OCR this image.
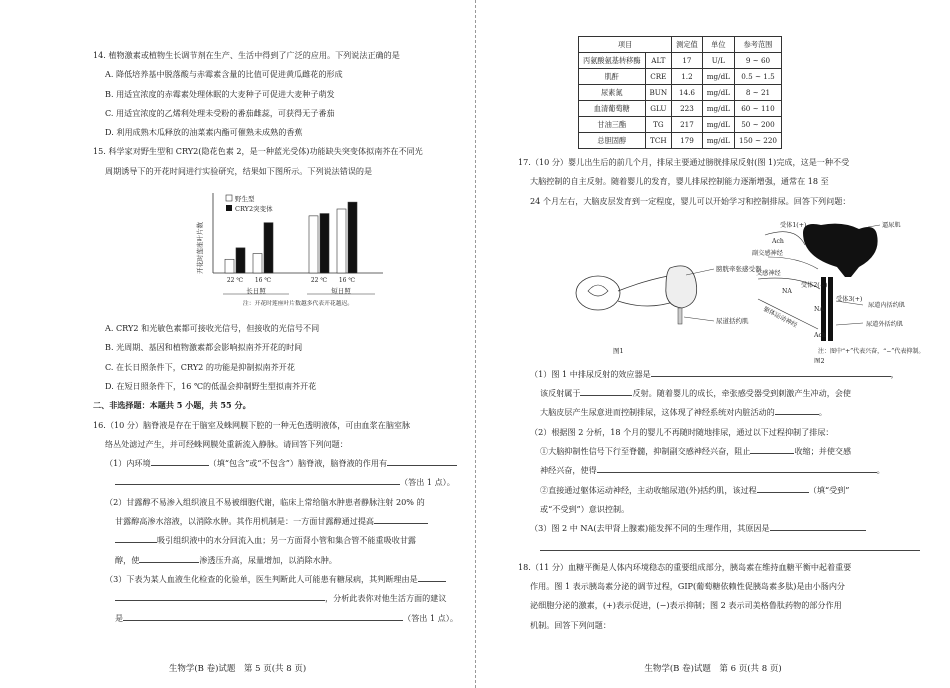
14. 植物激素或植物生长调节剂在生产、生活中得到了广泛的应用。下列说法正确的是

A. 降低培养基中脱落酸与赤霉素含量的比值可促进黄瓜雌花的形成

B. 用适宜浓度的赤霉素处理休眠的大麦种子可促进大麦种子萌发

C. 用适宜浓度的乙烯利处理未受粉的番茄雌蕊，可获得无子番茄

D. 利用成熟木瓜释放的油菜素内酯可催熟未成熟的香蕉

15. 科学家对野生型和 CRY2(隐花色素 2，是一种蓝光受体)功能缺失突变体拟南芥在不同光

周期诱导下的开花时间进行实验研究，结果如下图所示。下列说法错误的是

开花时莲座叶片数
22 ℃ 16 ℃	22 ℃ 16 ℃
野生型
CRY2突变体
长日照	短日照
注：开花时莲座叶片数越多代表开花越迟。

A. CRY2 和光敏色素都可接收光信号，但接收的光信号不同

B. 光周期、基因和植物激素都会影响拟南芥开花的时间

C. 在长日照条件下，CRY2 的功能是抑制拟南芥开花

D. 在短日照条件下，16 ℃的低温会抑制野生型拟南芥开花

二、非选择题：本题共 5 小题，共 55 分。

16.（10 分）脑脊液是存在于脑室及蛛网膜下腔的一种无色透明液体，可由血浆在脑室脉

络丛处滤过产生，并可经蛛网膜处重新流入静脉。请回答下列问题：

（1）内环境	（填“包含”或“不包含”）脑脊液，脑脊液的作用有

（答出 1 点）。

（2）甘露醇不易渗入组织液且不易被细胞代谢，临床上常给脑水肿患者静脉注射 20% 的

甘露醇高渗水溶液，以消除水肿。其作用机制是：一方面甘露醇通过提高

吸引组织液中的水分回流入血；另一方面肾小管和集合管不能重吸收甘露

醇，使	渗透压升高，尿量增加，以消除水肿。

（3）下表为某人血液生化检查的化验单，医生判断此人可能患有糖尿病，其判断理由是

，分析此表你对他生活方面的建议

是	（答出 1 点）。

生物学(B 卷)试题　第 5 页(共 8 页)
项目		测定值	单位	参考范围
丙氨酸氨基转移酶	ALT	17	U/L	9 ~ 60
肌酐	CRE	1.2	mg/dL	0.5 ~ 1.5
尿素氮	BUN	14.6	mg/dL	8 ~ 21
血清葡萄糖	GLU	223	mg/dL	60 ~ 110
甘油三酯	TG	217	mg/dL	50 ~ 200
总胆固醇	TCH	179	mg/dL	150 ~ 220

17.（10 分）婴儿出生后的前几个月，排尿主要通过膀胱排尿反射(图 1)完成，这是一种不受

大脑控制的自主反射。随着婴儿的发育，婴儿排尿控制能力逐渐增强，通常在 18 至

24 个月左右，大脑皮层发育到一定程度，婴儿可以开始学习和控制排尿。回答下列问题：

膀胱牵张感受器
尿道括约肌
图1
受体1(+)	逼尿肌
Ach
副交感神经
交感神经
NA
受体2(−)
受体3(+)
尿道内括约肌
尿道外括约肌
躯体运动神经	NA
Ach
注：图中“+”代表兴奋，“−”代表抑制。
图2

（1）图 1 中排尿反射的效应器是	，

该反射属于	反射。随着婴儿的成长，牵张感受器受到刺激产生冲动，会使

大脑皮层产生尿意进而控制排尿，这体现了神经系统对内脏活动的	。

（2）根据图 2 分析，18 个月的婴儿不再随时随地排尿，通过以下过程抑制了排尿：

①大脑抑制性信号下行至脊髓，抑制副交感神经兴奋，阻止	收缩；并使交感

神经兴奋，使得	。

②直接通过躯体运动神经，主动收缩尿道(外)括约肌，该过程	（填“受到”

或“不受到”）意识控制。

（3）图 2 中 NA(去甲肾上腺素)能发挥不同的生理作用，其原因是

18.（11 分）血糖平衡是人体内环境稳态的重要组成部分，胰岛素在维持血糖平衡中起着重要

作用。图 1 表示胰岛素分泌的调节过程，GIP(葡萄糖依赖性促胰岛素多肽)是由小肠内分

泌细胞分泌的激素，(+)表示促进，(−)表示抑制；图 2 表示司美格鲁肽药物的部分作用

机制。回答下列问题：

生物学(B 卷)试题　第 6 页(共 8 页)
